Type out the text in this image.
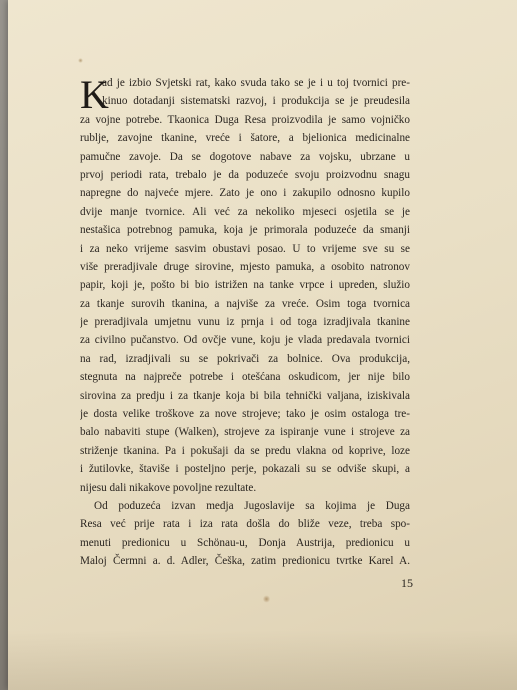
K
ad je izbio Svjetski rat, kako svuda tako se je i u toj tvornici pre-
kinuo dotadanji sistematski razvoj, i produkcija se je preudesila
za vojne potrebe. Tkaonica Duga Resa proizvodila je samo vojničko
rublje, zavojne tkanine, vreće i šatore, a bjelionica medicinalne
pamučne zavoje. Da se dogotove nabave za vojsku, ubrzane u
prvoj periodi rata, trebalo je da poduzeće svoju proizvodnu snagu
napregne do najveće mjere. Zato je ono i zakupilo odnosno kupilo
dvije manje tvornice. Ali već za nekoliko mjeseci osjetila se je
nestašica potrebnog pamuka, koja je primorala poduzeće da smanji
i za neko vrijeme sasvim obustavi posao. U to vrijeme sve su se
više preradjivale druge sirovine, mjesto pamuka, a osobito natronov
papir, koji je, pošto bi bio istrižen na tanke vrpce i upreden, služio
za tkanje surovih tkanina, a najviše za vreće. Osim toga tvornica
je preradjivala umjetnu vunu iz prnja i od toga izradjivala tkanine
za civilno pučanstvo. Od ovčje vune, koju je vlada predavala tvornici
na rad, izradjivali su se pokrivači za bolnice. Ova produkcija,
stegnuta na najpreče potrebe i otešćana oskudicom, jer nije bilo
sirovina za predju i za tkanje koja bi bila tehnički valjana, iziskivala
je dosta velike troškove za nove strojeve; tako je osim ostaloga tre-
balo nabaviti stupe (Walken), strojeve za ispiranje vune i strojeve za
striženje tkanina. Pa i pokušaji da se predu vlakna od koprive, loze
i žutilovke, štaviše i posteljno perje, pokazali su se odviše skupi, a
nijesu dali nikakove povoljne rezultate.
Od poduzeća izvan medja Jugoslavije sa kojima je Duga
Resa već prije rata i iza rata došla do bliže veze, treba spo-
menuti predionicu u Schönau-u, Donja Austrija, predionicu u
Maloj Čermni a. d. Adler, Češka, zatim predionicu tvrtke Karel A.
15
